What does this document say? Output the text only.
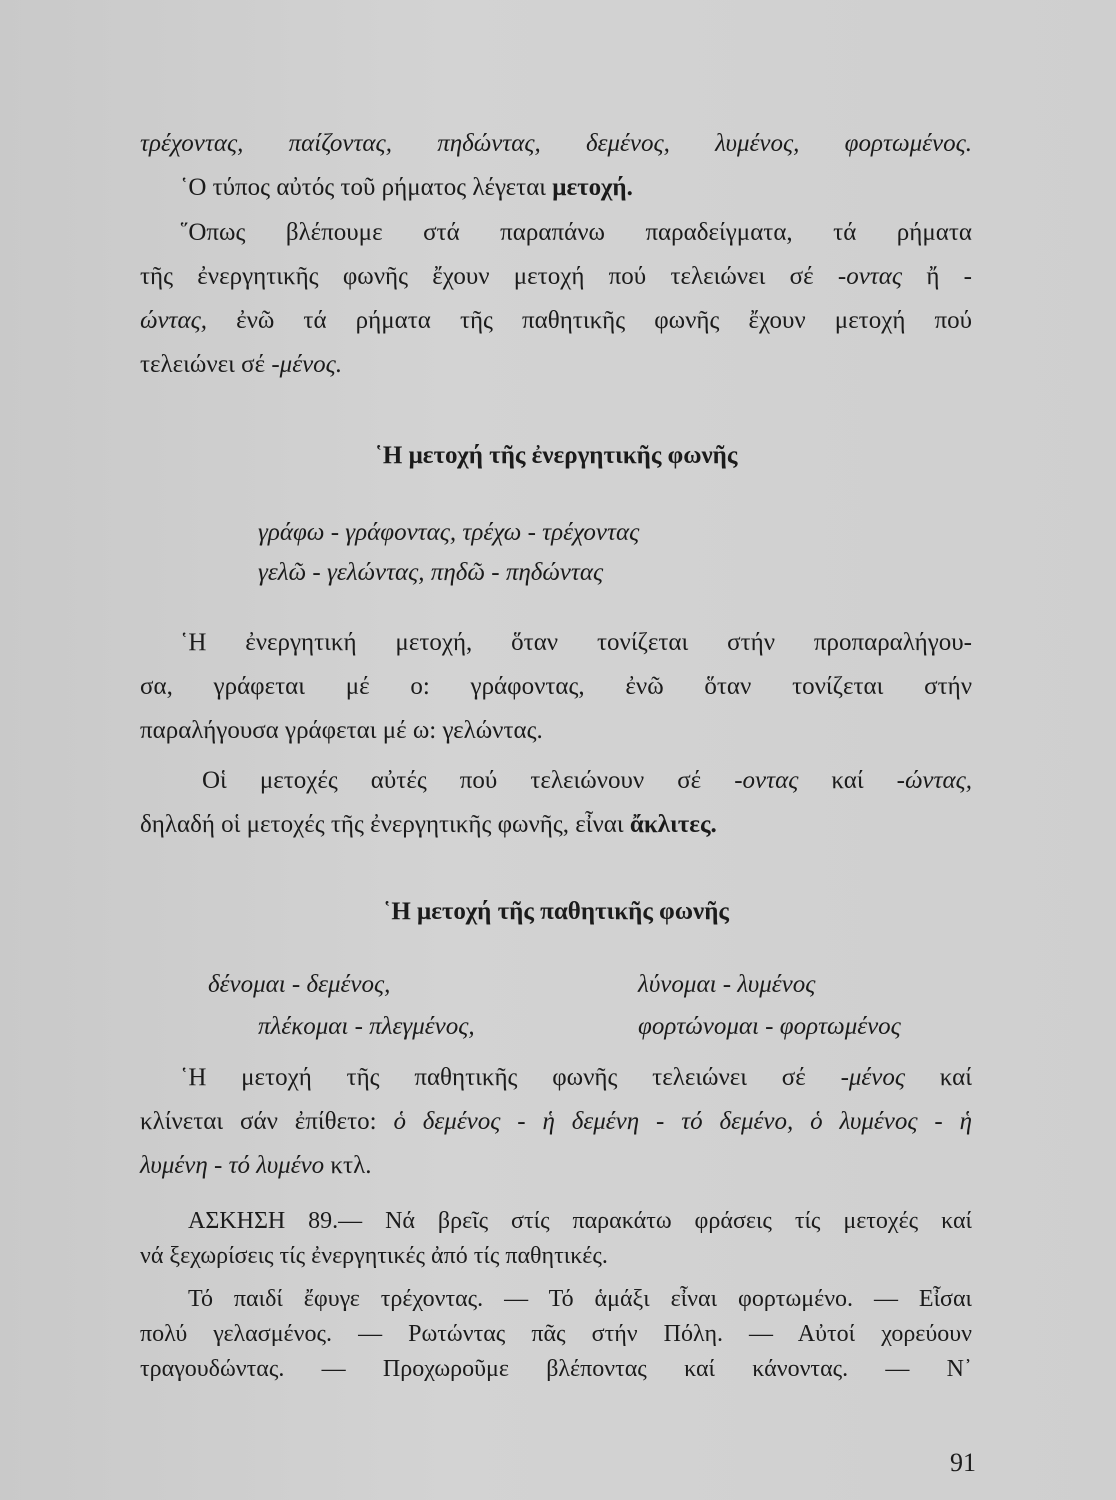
τρέχοντας, παίζοντας, πηδώντας, δεμένος, λυμένος, φορτωμένος.
῾Ο τύπος αὐτός τοῦ ρήματος λέγεται μετοχή.
῞Οπως βλέπουμε στά παραπάνω παραδείγματα, τά ρήματα
τῆς ἐνεργητικῆς φωνῆς ἔχουν μετοχή πού τελειώνει σέ -οντας ἤ -
ώντας, ἐνῶ τά ρήματα τῆς παθητικῆς φωνῆς ἔχουν μετοχή πού
τελειώνει σέ -μένος.
῾Η μετοχή τῆς ἐνεργητικῆς φωνῆς
γράφω - γράφοντας, τρέχω - τρέχοντας
γελῶ - γελώντας, πηδῶ - πηδώντας
῾Η ἐνεργητική μετοχή, ὅταν τονίζεται στήν προπαραλήγου-
σα, γράφεται μέ ο: γράφοντας, ἐνῶ ὅταν τονίζεται στήν
παραλήγουσα γράφεται μέ ω: γελώντας.
Οἱ μετοχές αὐτές πού τελειώνουν σέ -οντας καί -ώντας,
δηλαδή οἱ μετοχές τῆς ἐνεργητικῆς φωνῆς, εἶναι ἄκλιτες.
῾Η μετοχή τῆς παθητικῆς φωνῆς
δένομαι - δεμένος,	λύνομαι - λυμένος
πλέκομαι - πλεγμένος,	φορτώνομαι - φορτωμένος
῾Η μετοχή τῆς παθητικῆς φωνῆς τελειώνει σέ -μένος καί
κλίνεται σάν ἐπίθετο: ὁ δεμένος - ἡ δεμένη - τό δεμένο, ὁ λυμένος - ἡ
λυμένη - τό λυμένο κτλ.
ΑΣΚΗΣΗ 89.— Νά βρεῖς στίς παρακάτω φράσεις τίς μετοχές καί
νά ξεχωρίσεις τίς ἐνεργητικές ἀπό τίς παθητικές.
Τό παιδί ἔφυγε τρέχοντας. — Τό ἁμάξι εἶναι φορτωμένο. — Εἶσαι
πολύ γελασμένος. — Ρωτώντας πᾶς στήν Πόλη. — Αὐτοί χορεύουν
τραγουδώντας. — Προχωροῦμε βλέποντας καί κάνοντας. — Ν᾿
91
